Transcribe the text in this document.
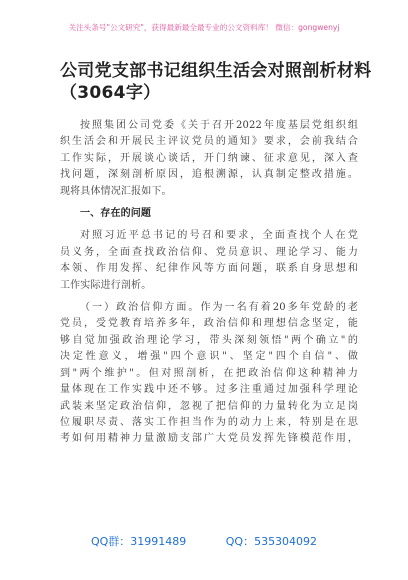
关注头条号"公文研究"，获得最新最全最专业的公文资料库！ 微信：gongwenyj
公司党支部书记组织生活会对照剖析材料
（3064字）
按照集团公司党委《关于召开2022年度基层党组织组
织生活会和开展民主评议党员的通知》要求，会前我结合
工作实际，开展谈心谈话，开门纳谏、征求意见，深入查
找问题，深刻剖析原因，追根溯源，认真制定整改措施。
现将具体情况汇报如下。
一、存在的问题
对照习近平总书记的号召和要求，全面查找个人在党
员义务，全面查找政治信仰、党员意识、理论学习、能力
本领、作用发挥、纪律作风等方面问题，联系自身思想和
工作实际进行剖析。
（一）政治信仰方面。作为一名有着20多年党龄的老
党员，受党教育培养多年，政治信仰和理想信念坚定，能
够自觉加强政治理论学习，带头深刻领悟"两个确立"的
决定性意义，增强"四个意识"、坚定"四个自信"、做
到"两个维护"。但对照剖析，在把政治信仰这种精神力
量体现在工作实践中还不够。过多注重通过加强科学理论
武装来坚定政治信仰，忽视了把信仰的力量转化为立足岗
位履职尽责、落实工作担当作为的动力上来，特别是在思
考如何用精神力量激励支部广大党员发挥先锋模范作用，
QQ群：31991489	QQ：535304092
